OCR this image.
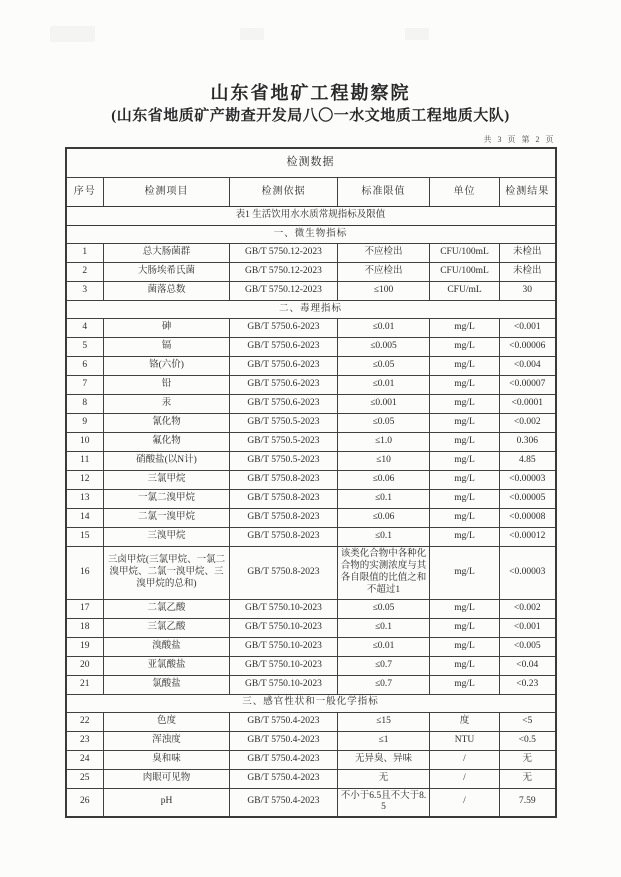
山东省地矿工程勘察院
(山东省地质矿产勘查开发局八〇一水文地质工程地质大队)
共 3 页 第 2 页
检测数据					
序号	检测项目	检测依据	标准限值	单位	检测结果
表1 生活饮用水水质常规指标及限值					
一、微生物指标					
1	总大肠菌群	GB/T 5750.12-2023	不应检出	CFU/100mL	未检出
2	大肠埃希氏菌	GB/T 5750.12-2023	不应检出	CFU/100mL	未检出
3	菌落总数	GB/T 5750.12-2023	≤100	CFU/mL	30
二、毒理指标					
4	砷	GB/T 5750.6-2023	≤0.01	mg/L	<0.001
5	镉	GB/T 5750.6-2023	≤0.005	mg/L	<0.00006
6	铬(六价)	GB/T 5750.6-2023	≤0.05	mg/L	<0.004
7	铅	GB/T 5750.6-2023	≤0.01	mg/L	<0.00007
8	汞	GB/T 5750.6-2023	≤0.001	mg/L	<0.0001
9	氰化物	GB/T 5750.5-2023	≤0.05	mg/L	<0.002
10	氟化物	GB/T 5750.5-2023	≤1.0	mg/L	0.306
11	硝酸盐(以N计)	GB/T 5750.5-2023	≤10	mg/L	4.85
12	三氯甲烷	GB/T 5750.8-2023	≤0.06	mg/L	<0.00003
13	一氯二溴甲烷	GB/T 5750.8-2023	≤0.1	mg/L	<0.00005
14	二氯一溴甲烷	GB/T 5750.8-2023	≤0.06	mg/L	<0.00008
15	三溴甲烷	GB/T 5750.8-2023	≤0.1	mg/L	<0.00012
16	三卤甲烷(三氯甲烷、一氯二溴甲烷、二氯一溴甲烷、三溴甲烷的总和)	GB/T 5750.8-2023	该类化合物中各种化合物的实测浓度与其各自限值的比值之和不超过1	mg/L	<0.00003
17	二氯乙酸	GB/T 5750.10-2023	≤0.05	mg/L	<0.002
18	三氯乙酸	GB/T 5750.10-2023	≤0.1	mg/L	<0.001
19	溴酸盐	GB/T 5750.10-2023	≤0.01	mg/L	<0.005
20	亚氯酸盐	GB/T 5750.10-2023	≤0.7	mg/L	<0.04
21	氯酸盐	GB/T 5750.10-2023	≤0.7	mg/L	<0.23
三、感官性状和一般化学指标					
22	色度	GB/T 5750.4-2023	≤15	度	<5
23	浑浊度	GB/T 5750.4-2023	≤1	NTU	<0.5
24	臭和味	GB/T 5750.4-2023	无异臭、异味	/	无
25	肉眼可见物	GB/T 5750.4-2023	无	/	无
26	pH	GB/T 5750.4-2023	不小于6.5且不大于8.5	/	7.59
